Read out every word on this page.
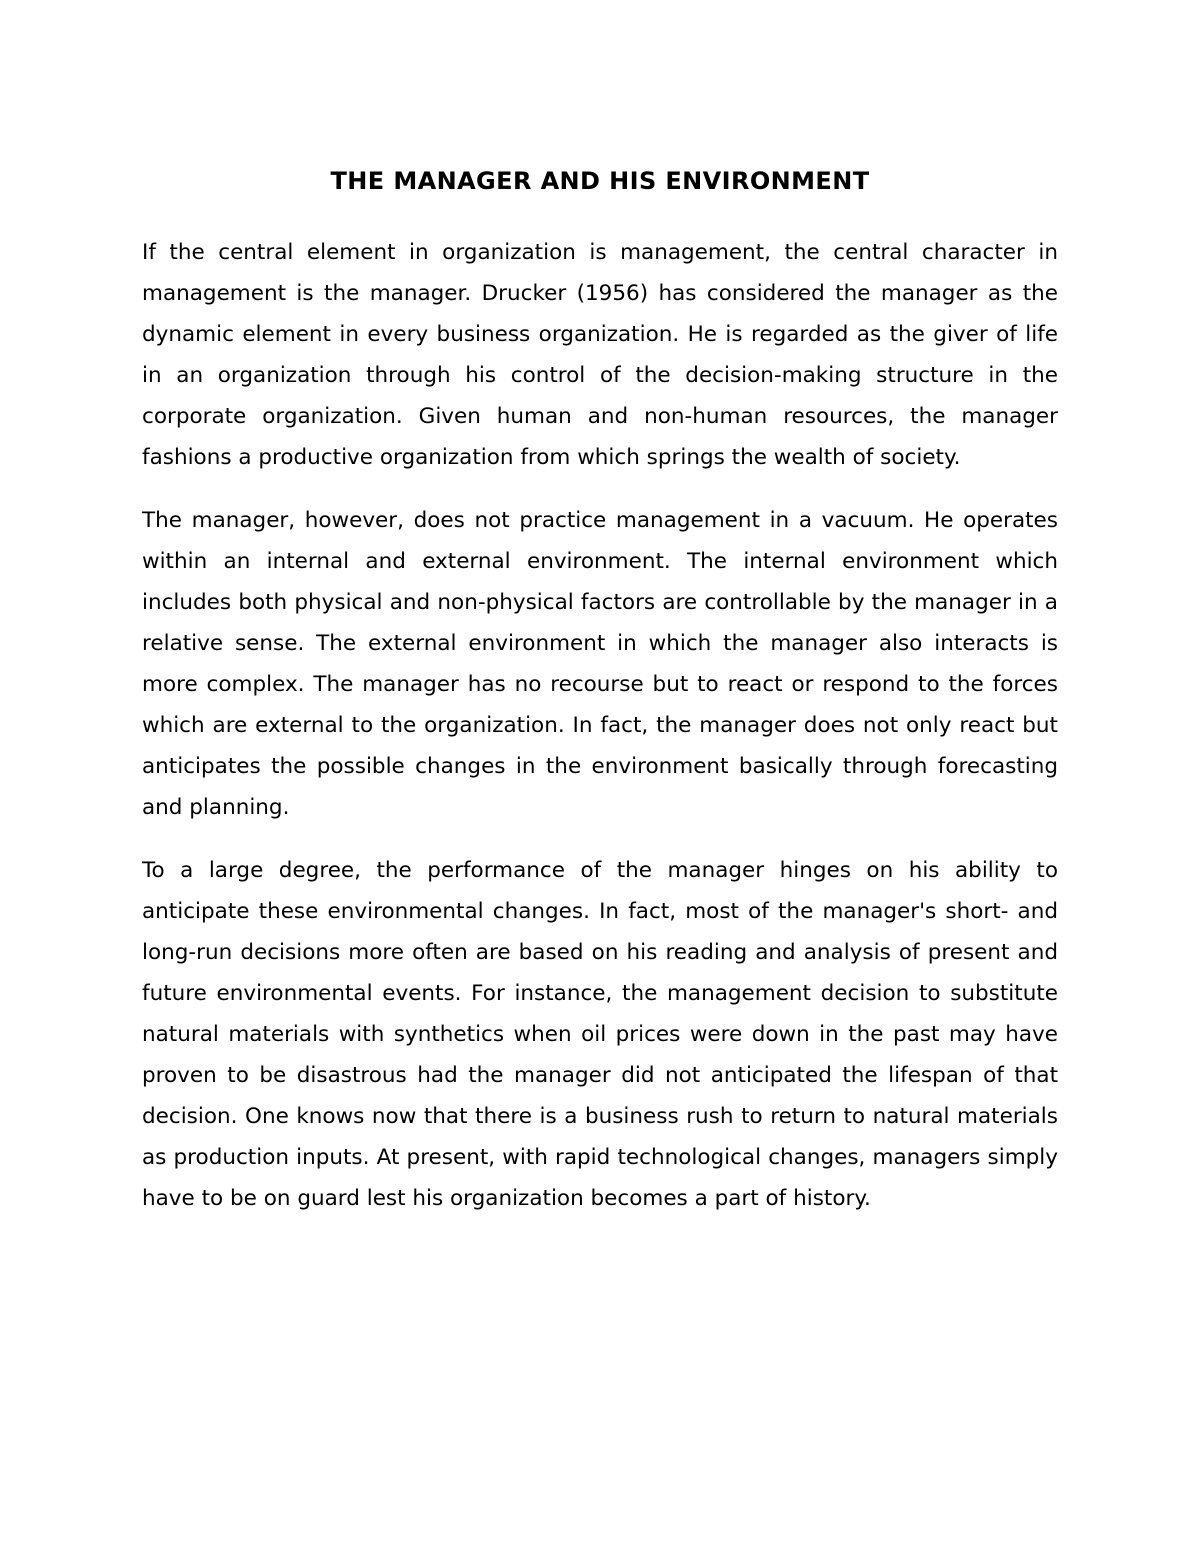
THE MANAGER AND HIS ENVIRONMENT

If the central element in organization is management, the central character in management is the manager. Drucker (1956) has considered the manager as the dynamic element in every business organization. He is regarded as the giver of life in an organization through his control of the decision-making structure in the corporate organization. Given human and non-human resources, the manager fashions a productive organization from which springs the wealth of society.

The manager, however, does not practice management in a vacuum. He operates within an internal and external environment. The internal environment which includes both physical and non-physical factors are controllable by the manager in a relative sense. The external environment in which the manager also interacts is more complex. The manager has no recourse but to react or respond to the forces which are external to the organization. In fact, the manager does not only react but anticipates the possible changes in the environment basically through forecasting and planning.

To a large degree, the performance of the manager hinges on his ability to anticipate these environmental changes. In fact, most of the manager's short- and long-run decisions more often are based on his reading and analysis of present and future environmental events. For instance, the management decision to substitute natural materials with synthetics when oil prices were down in the past may have proven to be disastrous had the manager did not anticipated the lifespan of that decision. One knows now that there is a business rush to return to natural materials as production inputs. At present, with rapid technological changes, managers simply have to be on guard lest his organization becomes a part of history.
